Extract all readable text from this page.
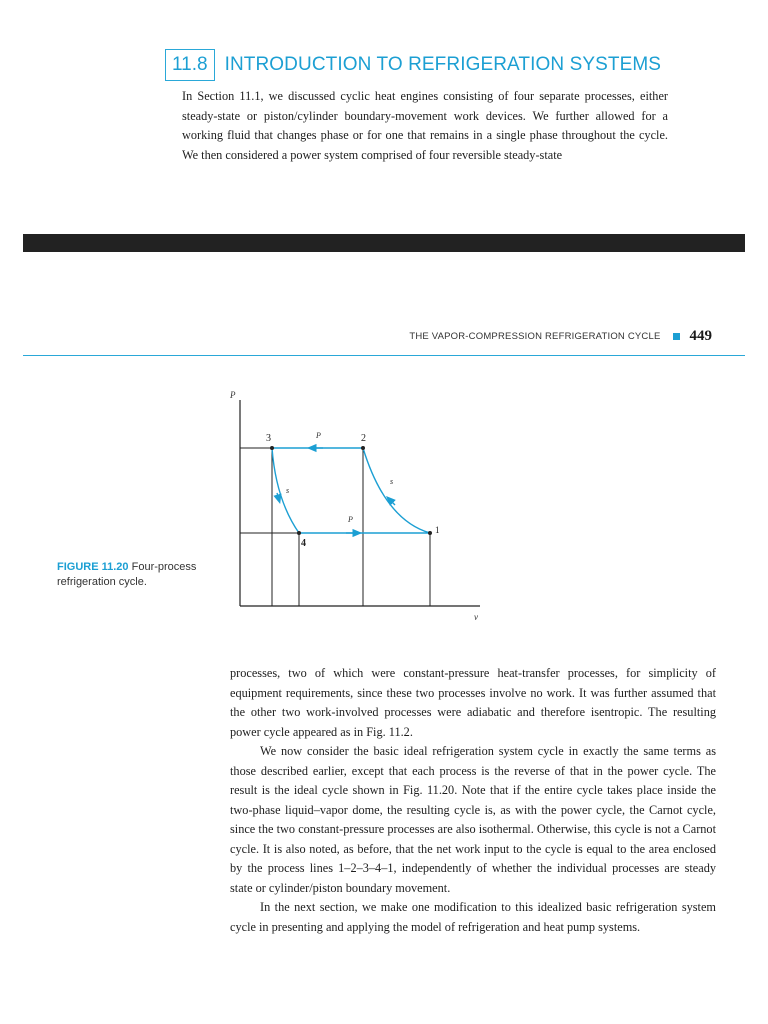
11.8 INTRODUCTION TO REFRIGERATION SYSTEMS

In Section 11.1, we discussed cyclic heat engines consisting of four separate processes, either steady-state or piston/cylinder boundary-movement work devices. We further allowed for a working fluid that changes phase or for one that remains in a single phase throughout the cycle. We then considered a power system comprised of four reversible steady-state

THE VAPOR-COMPRESSION REFRIGERATION CYCLE 449
FIGURE 11.20 Four-process refrigeration cycle.
P
v
1
2
3
4
P
P
s
s

processes, two of which were constant-pressure heat-transfer processes, for simplicity of equipment requirements, since these two processes involve no work. It was further assumed that the other two work-involved processes were adiabatic and therefore isentropic. The resulting power cycle appeared as in Fig. 11.2.

We now consider the basic ideal refrigeration system cycle in exactly the same terms as those described earlier, except that each process is the reverse of that in the power cycle. The result is the ideal cycle shown in Fig. 11.20. Note that if the entire cycle takes place inside the two-phase liquid–vapor dome, the resulting cycle is, as with the power cycle, the Carnot cycle, since the two constant-pressure processes are also isothermal. Otherwise, this cycle is not a Carnot cycle. It is also noted, as before, that the net work input to the cycle is equal to the area enclosed by the process lines 1–2–3–4–1, independently of whether the individual processes are steady state or cylinder/piston boundary movement.

In the next section, we make one modification to this idealized basic refrigeration system cycle in presenting and applying the model of refrigeration and heat pump systems.
